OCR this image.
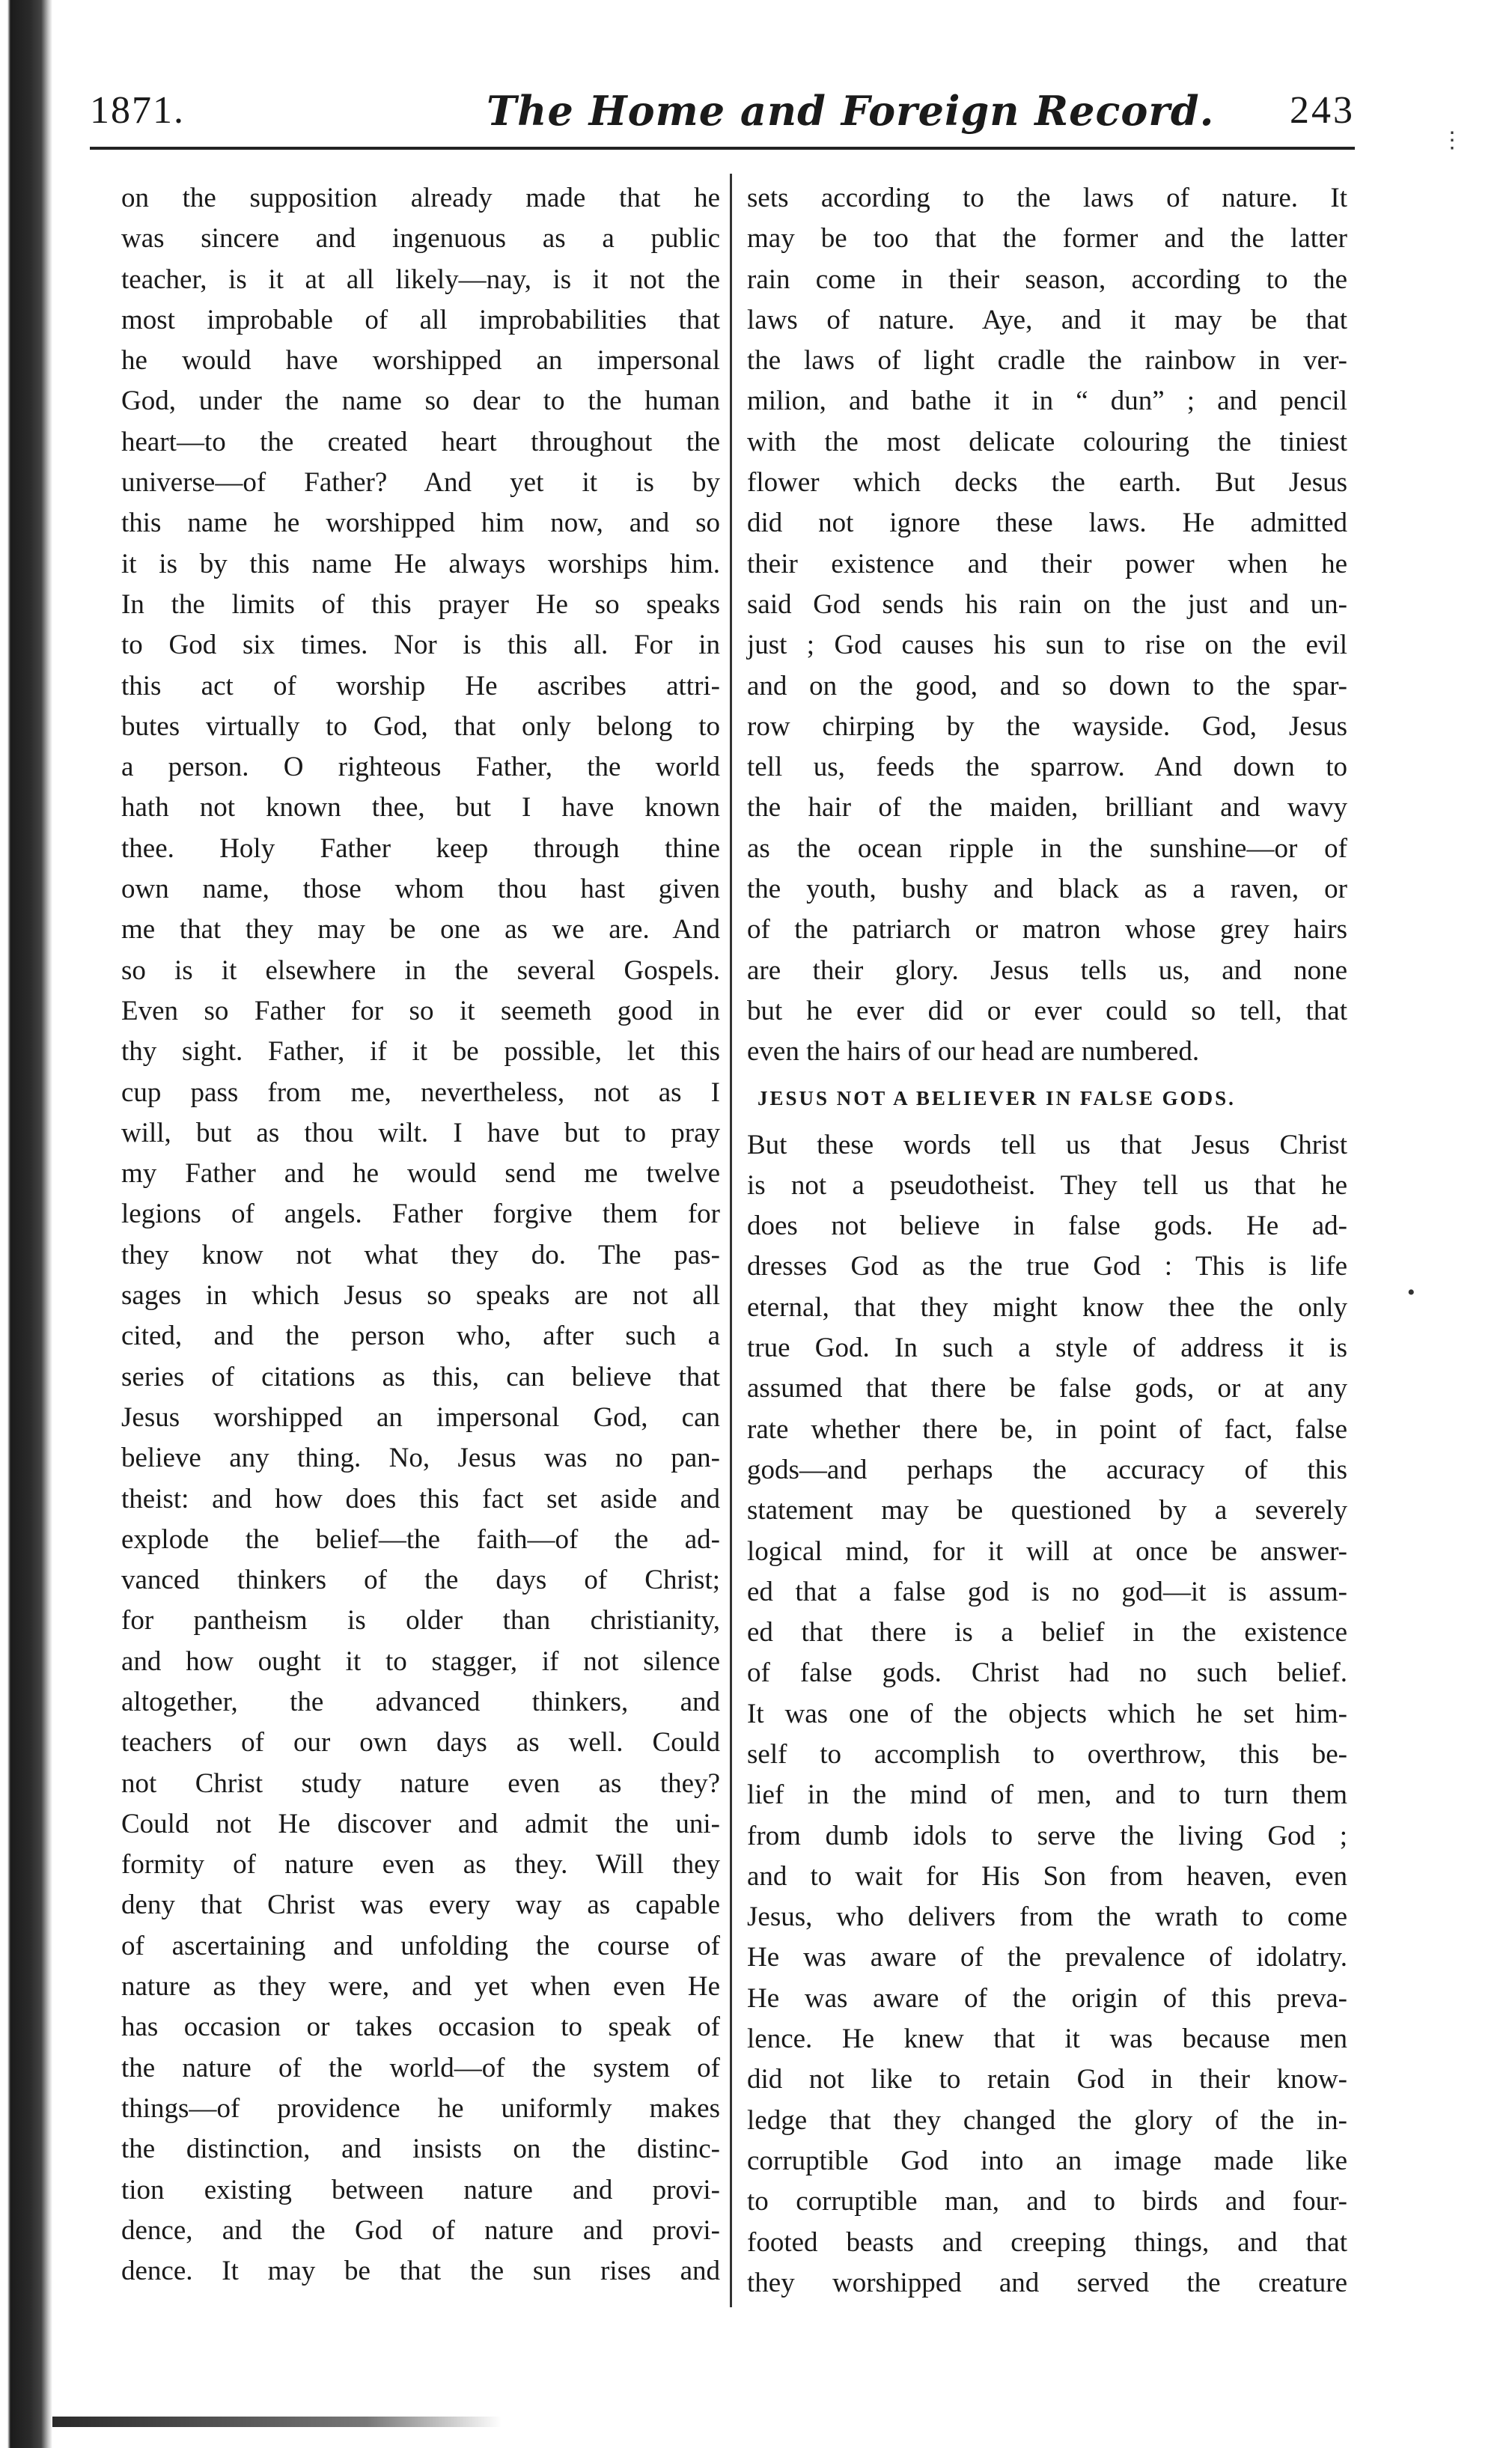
1871.	The Home and Foreign Record. 243
on the supposition already made that he
was sincere and ingenuous as a public
teacher, is it at all likely—nay, is it not the
most improbable of all improbabilities that
he would have worshipped an impersonal
God, under the name so dear to the human
heart—to the created heart throughout the
universe—of Father? And yet it is by
this name he worshipped him now, and so
it is by this name He always worships him.
In the limits of this prayer He so speaks
to God six times. Nor is this all. For in
this act of worship He ascribes attri-
butes virtually to God, that only belong to
a person. O righteous Father, the world
hath not known thee, but I have known
thee. Holy Father keep through thine
own name, those whom thou hast given
me that they may be one as we are. And
so is it elsewhere in the several Gospels.
Even so Father for so it seemeth good in
thy sight. Father, if it be possible, let this
cup pass from me, nevertheless, not as I
will, but as thou wilt. I have but to pray
my Father and he would send me twelve
legions of angels. Father forgive them for
they know not what they do. The pas-
sages in which Jesus so speaks are not all
cited, and the person who, after such a
series of citations as this, can believe that
Jesus worshipped an impersonal God, can
believe any thing. No, Jesus was no pan-
theist: and how does this fact set aside and
explode the belief—the faith—of the ad-
vanced thinkers of the days of Christ;
for pantheism is older than christianity,
and how ought it to stagger, if not silence
altogether, the advanced thinkers, and
teachers of our own days as well. Could
not Christ study nature even as they?
Could not He discover and admit the uni-
formity of nature even as they. Will they
deny that Christ was every way as capable
of ascertaining and unfolding the course of
nature as they were, and yet when even He
has occasion or takes occasion to speak of
the nature of the world—of the system of
things—of providence he uniformly makes
the distinction, and insists on the distinc-
tion existing between nature and provi-
dence, and the God of nature and provi-
dence. It may be that the sun rises and
sets according to the laws of nature. It
may be too that the former and the latter
rain come in their season, according to the
laws of nature. Aye, and it may be that
the laws of light cradle the rainbow in ver-
milion, and bathe it in “ dun” ; and pencil
with the most delicate colouring the tiniest
flower which decks the earth. But Jesus
did not ignore these laws. He admitted
their existence and their power when he
said God sends his rain on the just and un-
just ; God causes his sun to rise on the evil
and on the good, and so down to the spar-
row chirping by the wayside. God, Jesus
tell us, feeds the sparrow. And down to
the hair of the maiden, brilliant and wavy
as the ocean ripple in the sunshine—or of
the youth, bushy and black as a raven, or
of the patriarch or matron whose grey hairs
are their glory. Jesus tells us, and none
but he ever did or ever could so tell, that
even the hairs of our head are numbered.
JESUS NOT A BELIEVER IN FALSE GODS.
But these words tell us that Jesus Christ
is not a pseudotheist. They tell us that he
does not believe in false gods. He ad-
dresses God as the true God : This is life
eternal, that they might know thee the only
true God. In such a style of address it is
assumed that there be false gods, or at any
rate whether there be, in point of fact, false
gods—and perhaps the accuracy of this
statement may be questioned by a severely
logical mind, for it will at once be answer-
ed that a false god is no god—it is assum-
ed that there is a belief in the existence
of false gods. Christ had no such belief.
It was one of the objects which he set him-
self to accomplish to overthrow, this be-
lief in the mind of men, and to turn them
from dumb idols to serve the living God ;
and to wait for His Son from heaven, even
Jesus, who delivers from the wrath to come
He was aware of the prevalence of idolatry.
He was aware of the origin of this preva-
lence. He knew that it was because men
did not like to retain God in their know-
ledge that they changed the glory of the in-
corruptible God into an image made like
to corruptible man, and to birds and four-
footed beasts and creeping things, and that
they worshipped and served the creature
⋮
•
